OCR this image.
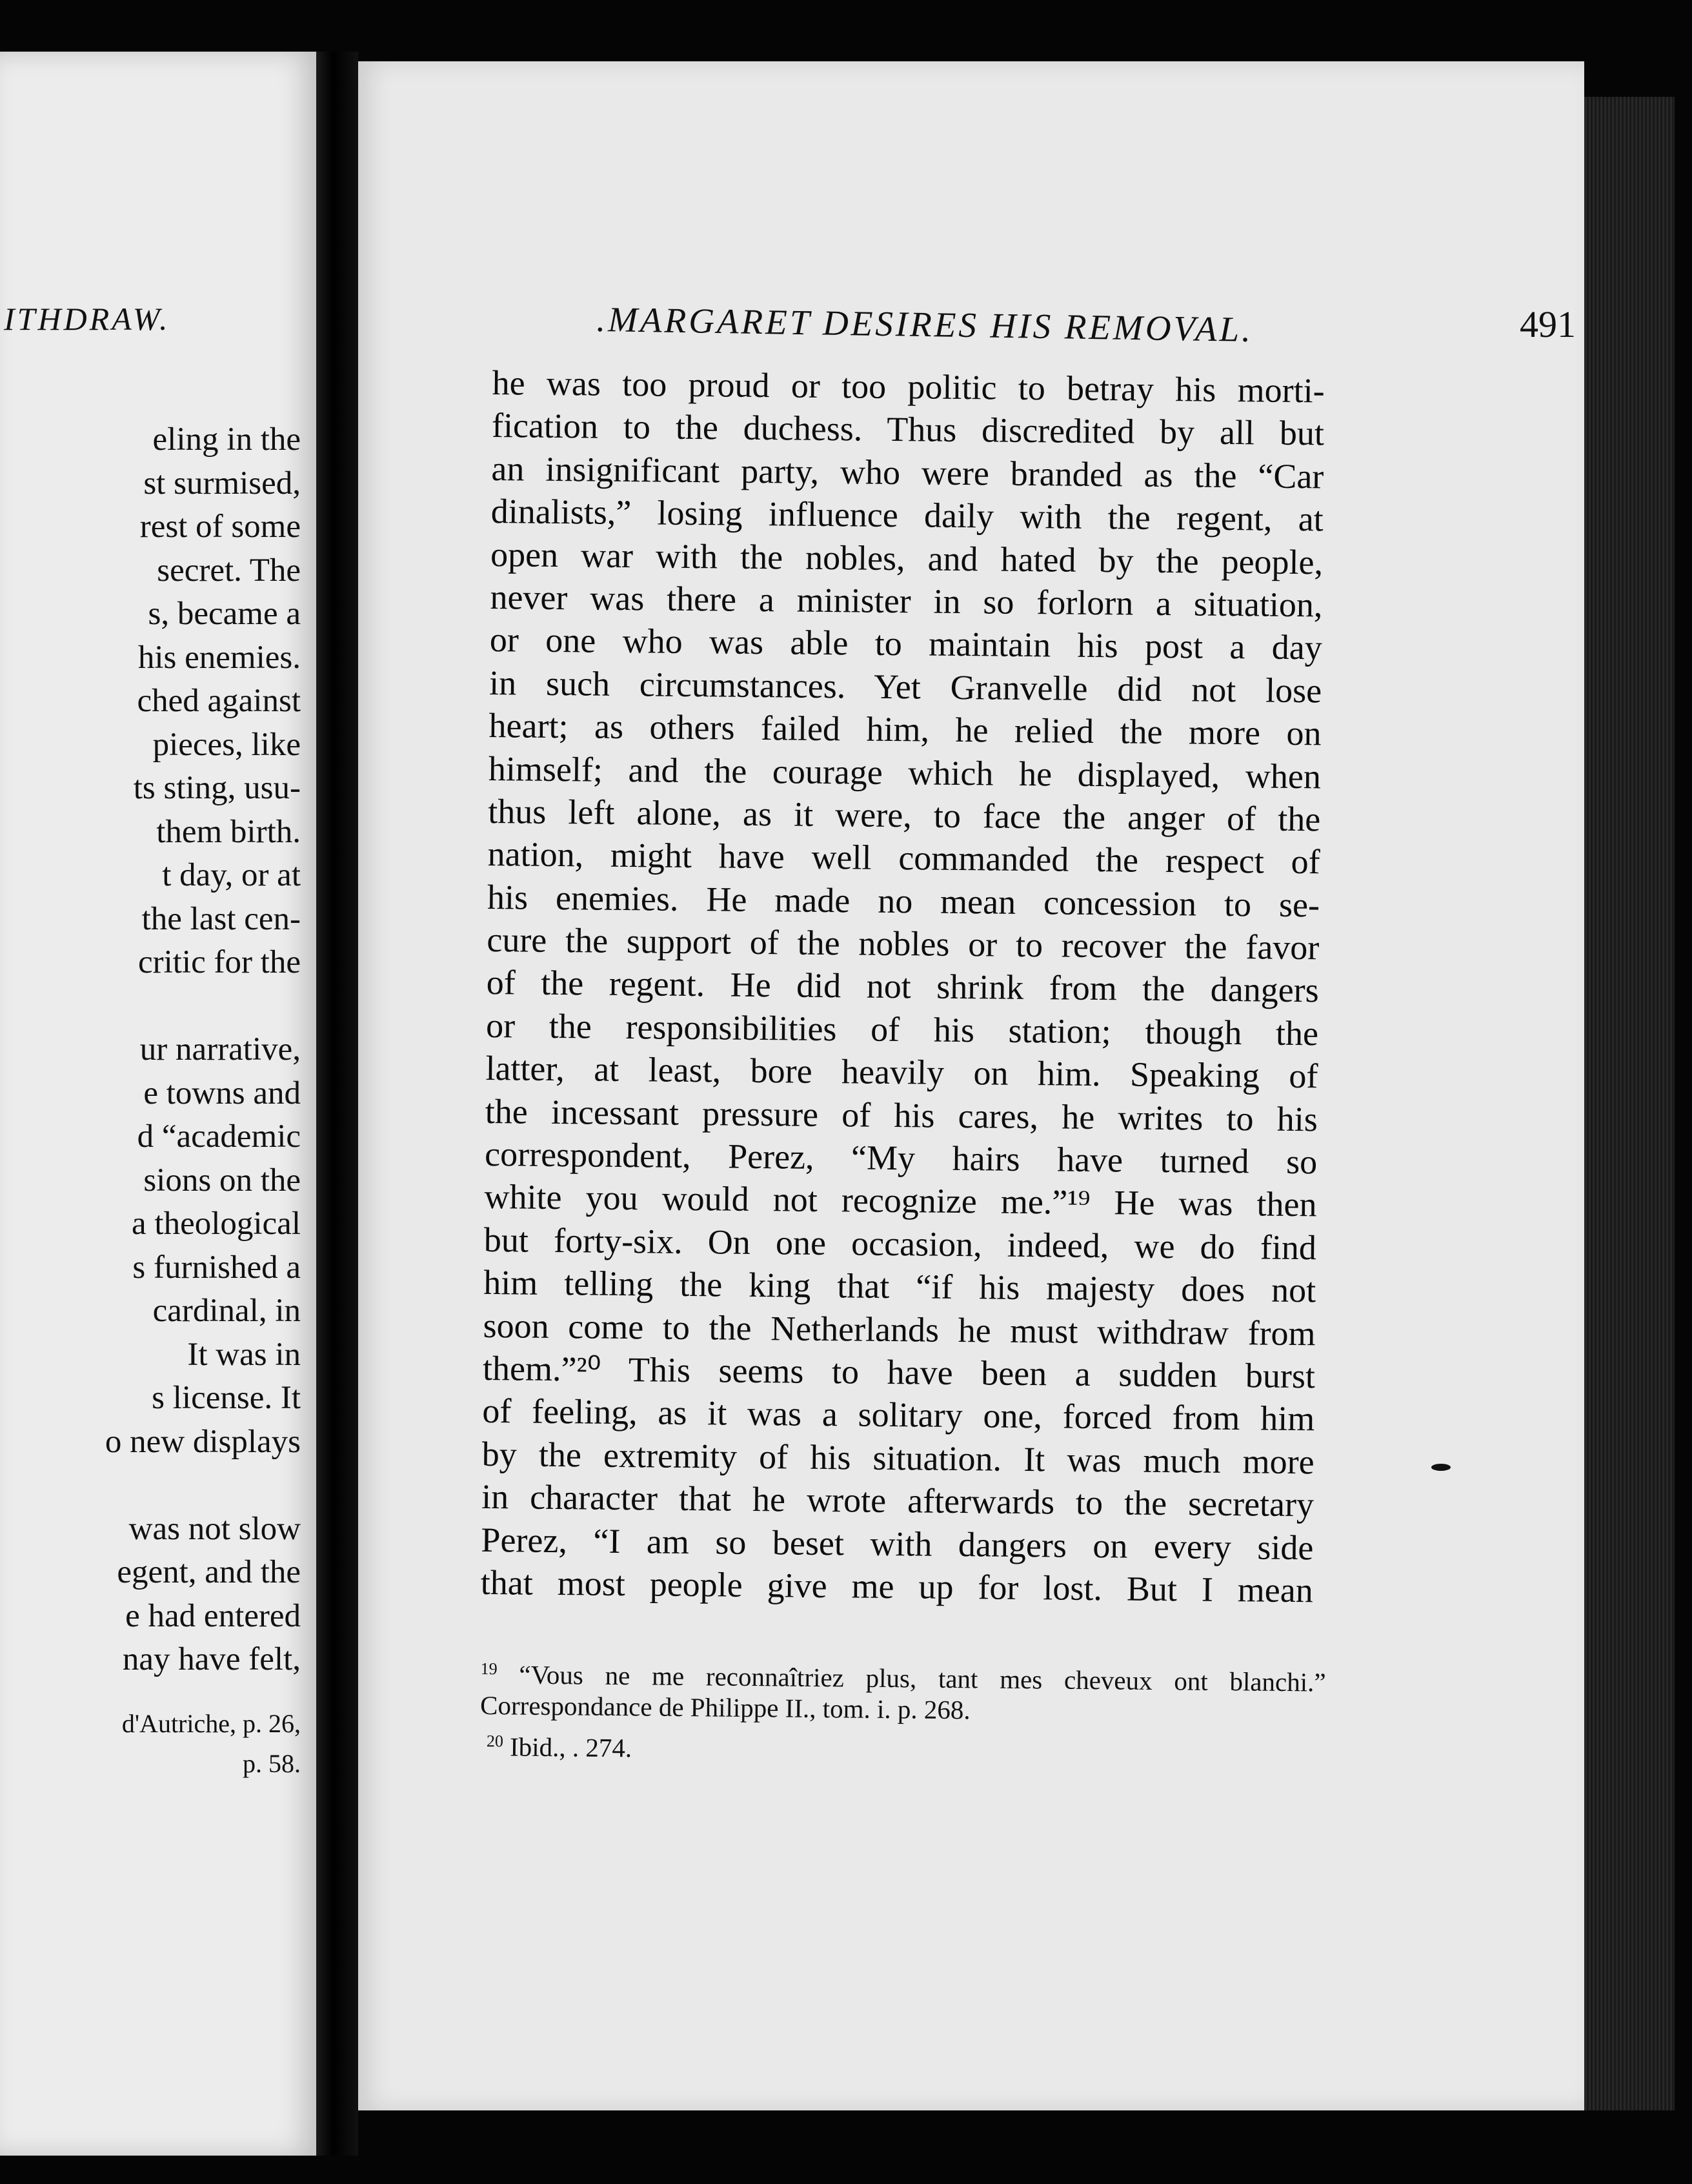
ITHDRAW.
eling in the
st surmised,
rest of some
secret. The
s, became a
his enemies.
ched against
pieces, like
ts sting, usu-
them birth.
t day, or at
the last cen-
critic for the
ur narrative,
e towns and
d “academic
sions on the
a theological
s furnished a
cardinal, in
It was in
s license. It
o new displays
was not slow
egent, and the
e had entered
nay have felt,
d'Autriche, p. 26,
p. 58.
.MARGARET DESIRES HIS REMOVAL.	491
he was too proud or too politic to betray his morti-
fication to the duchess. Thus discredited by all but
an insignificant party, who were branded as the “Car
dinalists,” losing influence daily with the regent, at
open war with the nobles, and hated by the people,
never was there a minister in so forlorn a situation,
or one who was able to maintain his post a day
in such circumstances. Yet Granvelle did not lose
heart; as others failed him, he relied the more on
himself; and the courage which he displayed, when
thus left alone, as it were, to face the anger of the
nation, might have well commanded the respect of
his enemies. He made no mean concession to se-
cure the support of the nobles or to recover the favor
of the regent. He did not shrink from the dangers
or the responsibilities of his station; though the
latter, at least, bore heavily on him. Speaking of
the incessant pressure of his cares, he writes to his
correspondent, Perez, “My hairs have turned so
white you would not recognize me.”¹⁹ He was then
but forty-six. On one occasion, indeed, we do find
him telling the king that “if his majesty does not
soon come to the Netherlands he must withdraw from
them.”²⁰ This seems to have been a sudden burst
of feeling, as it was a solitary one, forced from him
by the extremity of his situation. It was much more
in character that he wrote afterwards to the secretary
Perez, “I am so beset with dangers on every side
that most people give me up for lost. But I mean
$^{19}$ “Vous ne me reconnaîtriez plus, tant mes cheveux ont blanchi.”
Correspondance de Philippe II., tom. i. p. 268.
$^{20}$ Ibid., . 274.
